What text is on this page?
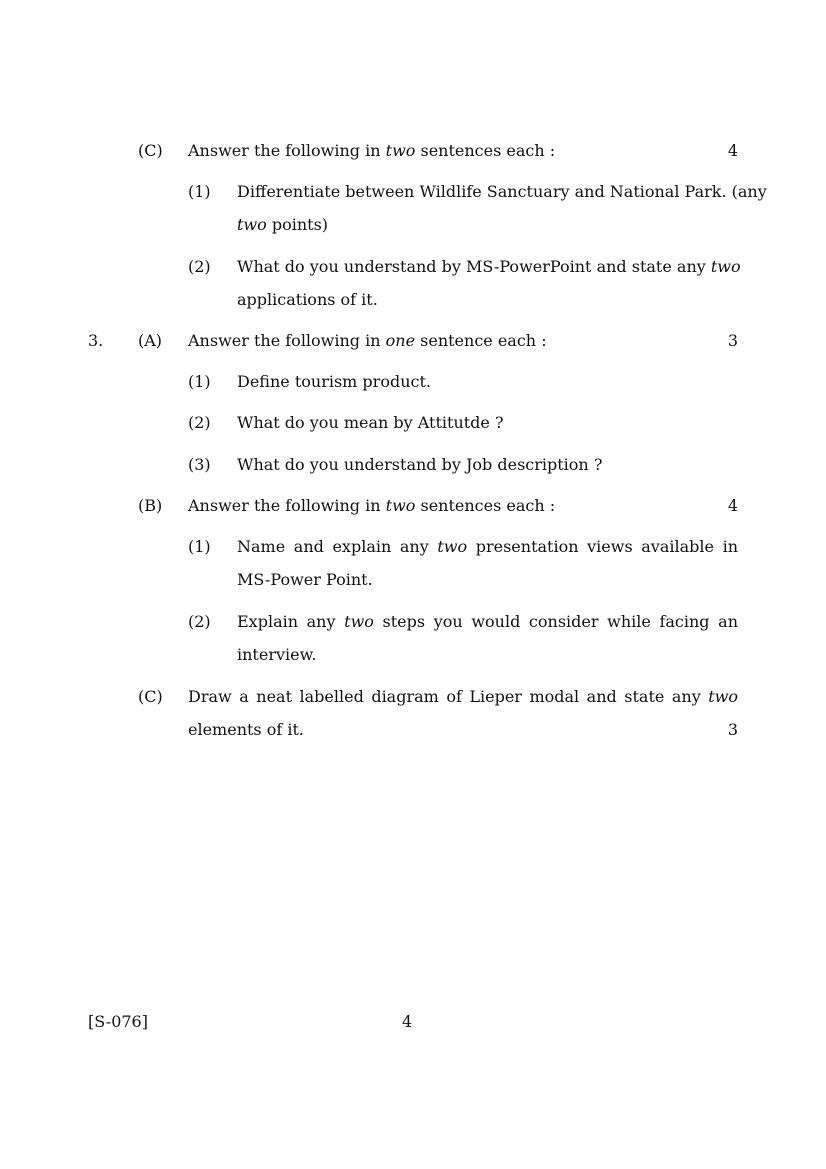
(C) Answer the following in two sentences each :	4
(1) Differentiate between Wildlife Sanctuary and National Park. (any
two points)
(2) What do you understand by MS-PowerPoint and state any two
applications of it.
3. (A) Answer the following in one sentence each :	3
(1) Define tourism product.
(2) What do you mean by Attitutde ?
(3) What do you understand by Job description ?
(B) Answer the following in two sentences each :	4
(1) Name and explain any two presentation views available in
MS-Power Point.
(2) Explain any two steps you would consider while facing an
interview.
(C) Draw a neat labelled diagram of Lieper modal and state any two
elements of it.	3
[S-076]	4
